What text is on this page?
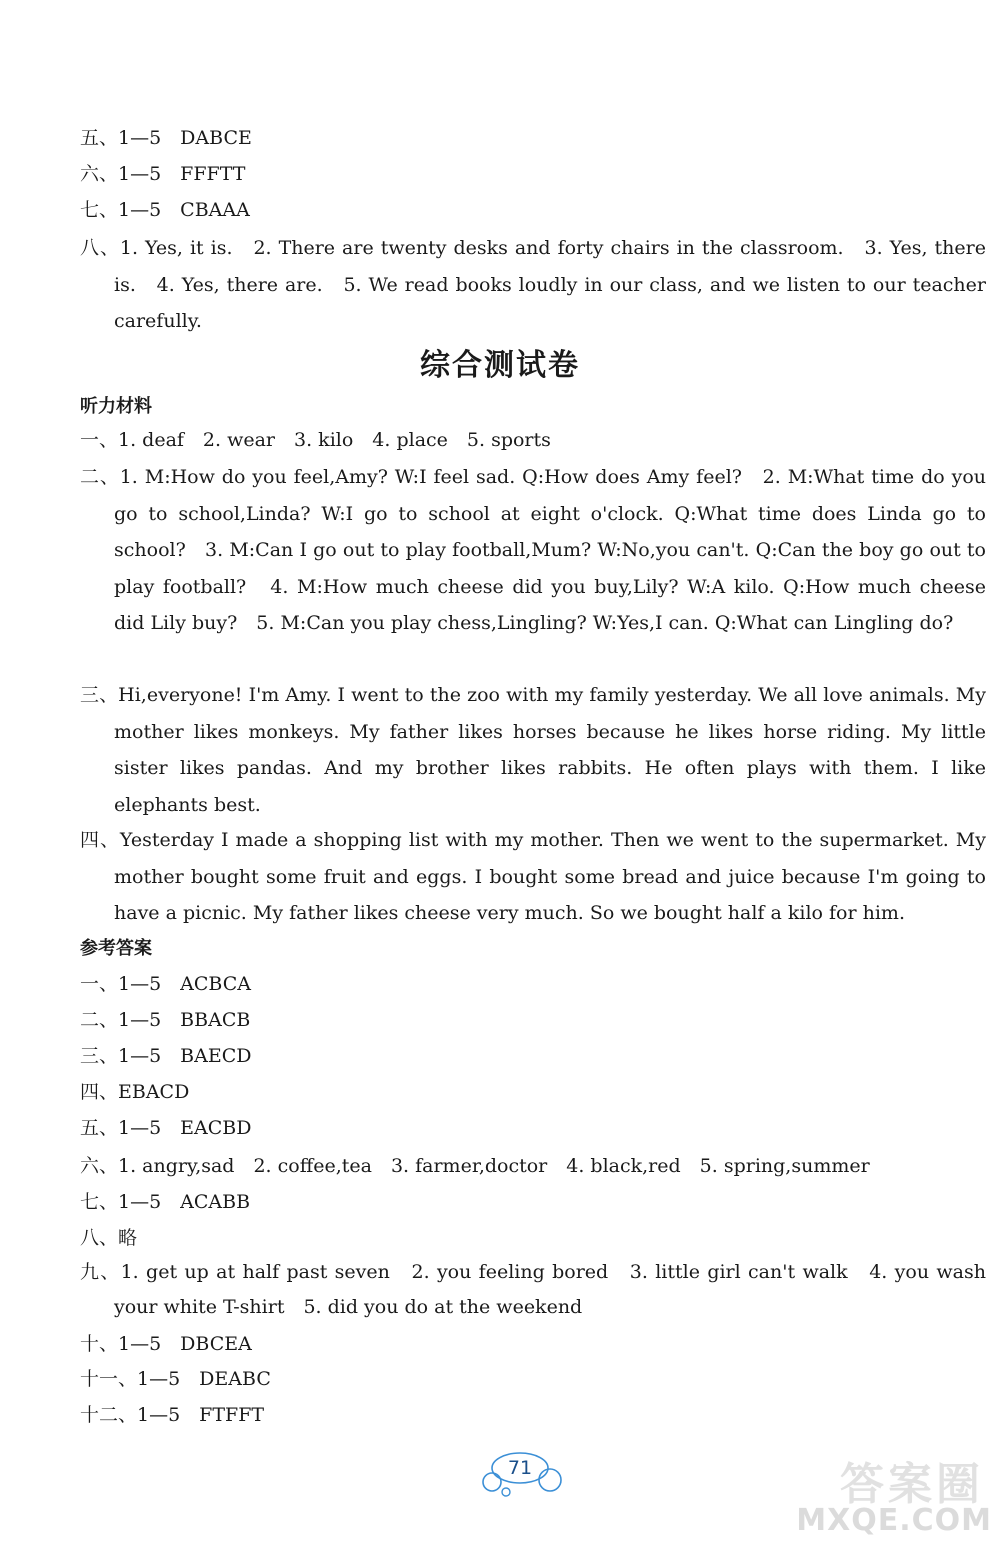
五、1—5　DABCE

六、1—5　FFFTT

七、1—5　CBAAA

八、1. Yes, it is.　2. There are twenty desks and forty chairs in the classroom.　3. Yes, there is.　4. Yes, there are.　5. We read books loudly in our class, and we listen to our teacher carefully.

综合测试卷
听力材料

一、1. deaf　2. wear　3. kilo　4. place　5. sports

二、1. M:How do you feel,Amy? W:I feel sad. Q:How does Amy feel?　2. M:What time do you go to school,Linda? W:I go to school at eight o'clock. Q:What time does Linda go to school?　3. M:Can I go out to play football,Mum? W:No,you can't. Q:Can the boy go out to play football?　4. M:How much cheese did you buy,Lily? W:A kilo. Q:How much cheese did Lily buy?　5. M:Can you play chess,Lingling? W:Yes,I can. Q:What can Lingling do?

三、Hi,everyone! I'm Amy. I went to the zoo with my family yesterday. We all love animals. My mother likes monkeys. My father likes horses because he likes horse riding. My little sister likes pandas. And my brother likes rabbits. He often plays with them. I like elephants best.

四、Yesterday I made a shopping list with my mother. Then we went to the supermarket. My mother bought some fruit and eggs. I bought some bread and juice because I'm going to have a picnic. My father likes cheese very much. So we bought half a kilo for him.

参考答案

一、1—5　ACBCA

二、1—5　BBACB

三、1—5　BAECD

四、EBACD

五、1—5　EACBD

六、1. angry,sad　2. coffee,tea　3. farmer,doctor　4. black,red　5. spring,summer

七、1—5　ACABB

八、略

九、1. get up at half past seven　2. you feeling bored　3. little girl can't walk　4. you wash your white T-shirt　5. did you do at the weekend

十、1—5　DBCEA

十一、1—5　DEABC

十二、1—5　FTFFT

71	答案圈
MXQE.COM
